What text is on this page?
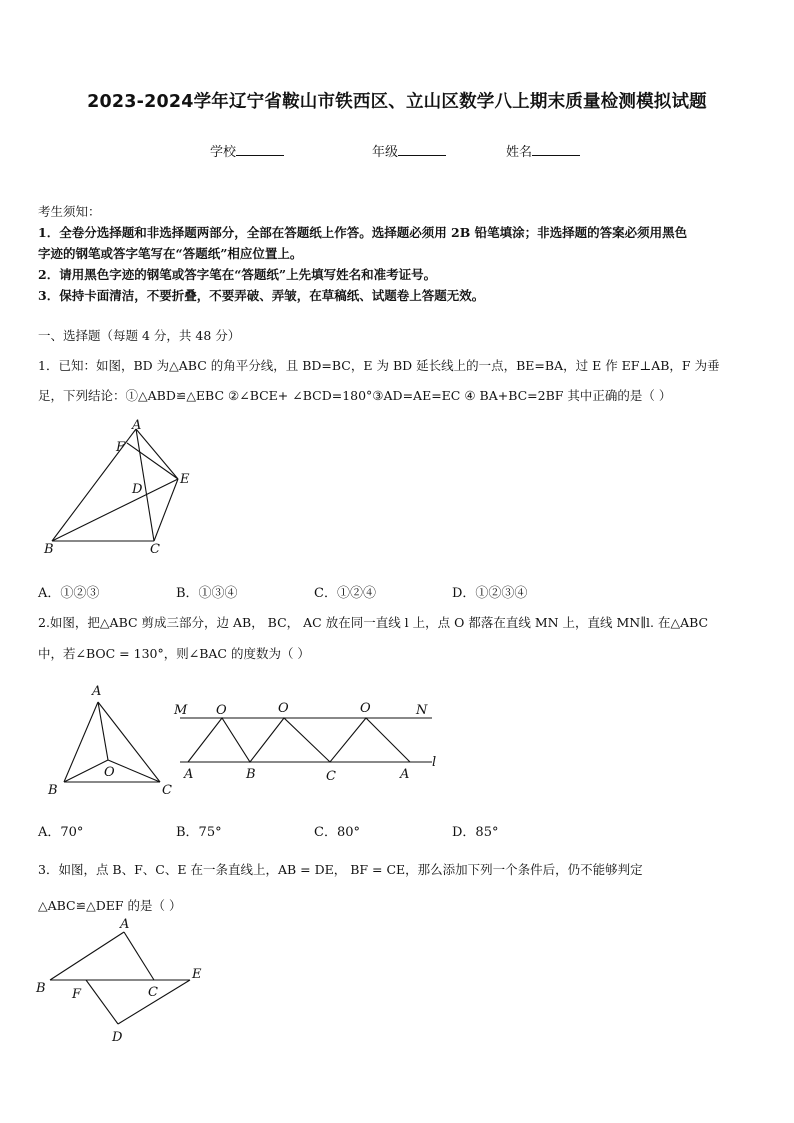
2023-2024学年辽宁省鞍山市铁西区、立山区数学八上期末质量检测模拟试题
学校	年级	姓名

考生须知：

1．全卷分选择题和非选择题两部分，全部在答题纸上作答。选择题必须用 2B 铅笔填涂；非选择题的答案必须用黑色

字迹的钢笔或答字笔写在“答题纸”相应位置上。

2．请用黑色字迹的钢笔或答字笔在“答题纸”上先填写姓名和准考证号。

3．保持卡面清洁，不要折叠，不要弄破、弄皱，在草稿纸、试题卷上答题无效。

一、选择题（每题 4 分，共 48 分）

1．已知：如图，BD 为△ABC 的角平分线，且 BD=BC，E 为 BD 延长线上的一点，BE=BA，过 E 作 EF⊥AB，F 为垂

足，下列结论：①△ABD≌△EBC ②∠BCE+ ∠BCD=180°③AD=AE=EC ④ BA+BC=2BF 其中正确的是（ ）

A
F
D
E
B	C
A．①②③	B．①③④	C．①②④	D．①②③④

2.如图，把△ABC 剪成三部分，边 AB， BC， AC 放在同一直线 l 上，点 O 都落在直线 MN 上，直线 MN∥l. 在△ABC

中，若∠BOC = 130°，则∠BAC 的度数为（ ）

A
B	C
O
M	N
l
O	O	O
A	B	C	A
A．70°	B．75°	C．80°	D．85°

3．如图，点 B、F、C、E 在一条直线上，AB = DE， BF = CE，那么添加下列一个条件后，仍不能够判定

△ABC≌△DEF 的是（ ）

A
B F	C
E
D
